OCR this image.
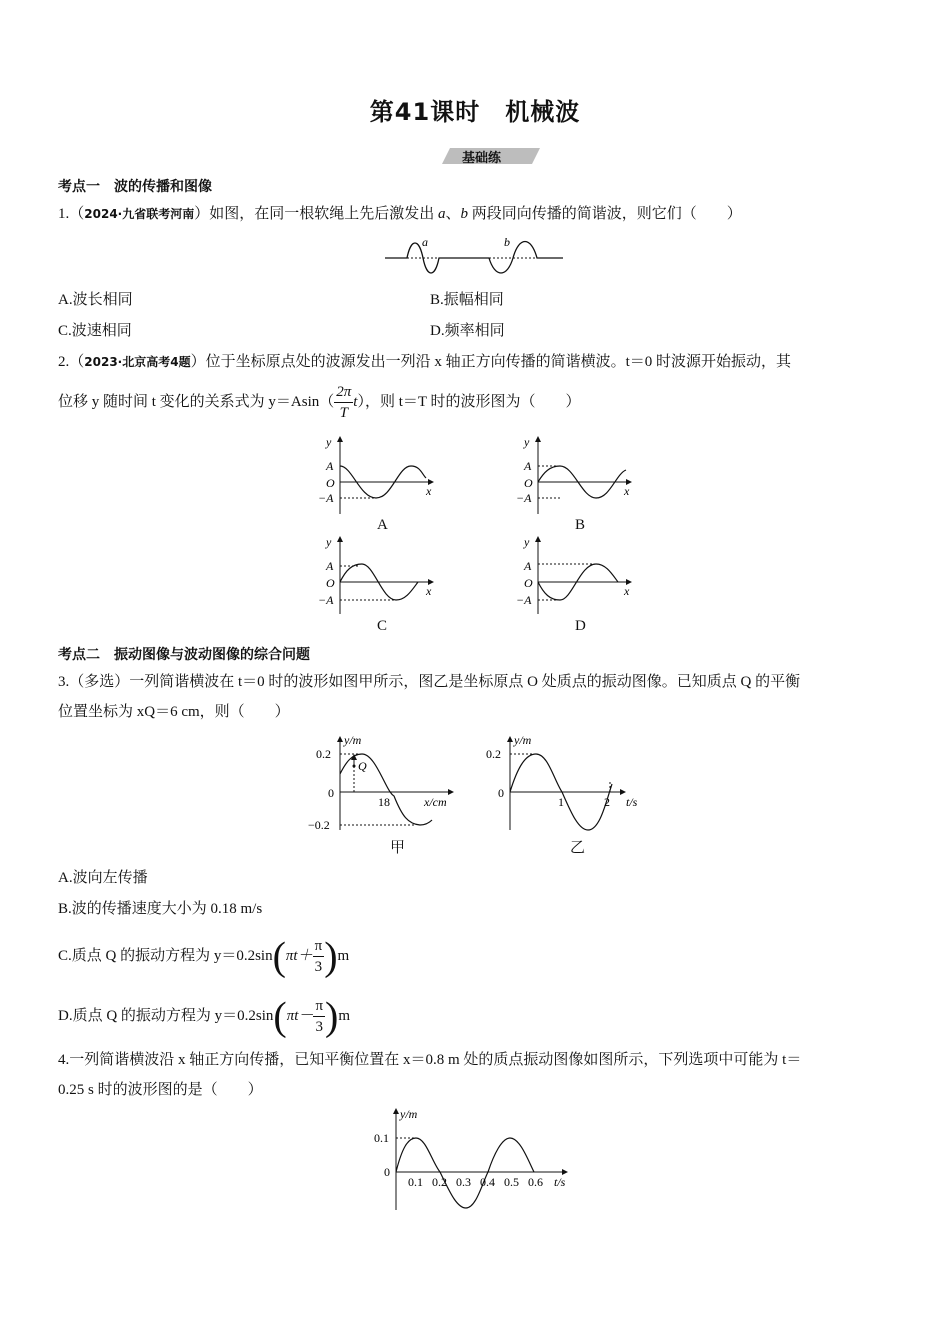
第41课时　机械波
基础练
考点一　波的传播和图像
1.（2024·九省联考河南）如图，在同一根软绳上先后激发出 a、b 两段同向传播的简谐波，则它们（　　）
a	b
A.波长相同	B.振幅相同
C.波速相同	D.频率相同
2.（2023·北京高考4题）位于坐标原点处的波源发出一列沿 x 轴正方向传播的简谐横波。t＝0 时波源开始振动，其
位移 y 随时间 t 变化的关系式为 $y=Asin( \frac{2\pi}{T} t)$，则 t＝T 时的波形图为（　　）
y
A
O
−A	x
A
y
A
O
−A	x
B
y
A
O
−A
x
C
y
A
O
−A
x
D
考点二　振动图像与波动图像的综合问题
3.（多选）一列简谐横波在 t＝0 时的波形如图甲所示，图乙是坐标原点 O 处质点的振动图像。已知质点 Q 的平衡
位置坐标为 xQ＝6 cm，则（　　）
y/m
0.2
0
−0.2
18	x/cm
Q
甲
y/m
0.2
0
1	2 t/s
乙
A.波向左传播
B.波的传播速度大小为 0.18 m/s
C.质点 Q 的振动方程为 $y=0.2\sin(\pi t+ \frac{\pi}{3} )m$
D.质点 Q 的振动方程为 $y=0.2\sin(\pi t- \frac{\pi}{3} )m$
4.一列简谐横波沿 x 轴正方向传播，已知平衡位置在 x＝0.8 m 处的质点振动图像如图所示，下列选项中可能为 t＝
0.25 s 时的波形图的是（　　）
y/m
0.1
0
0.1 0.2 0.3 0.4 0.5 0.6 t/s
